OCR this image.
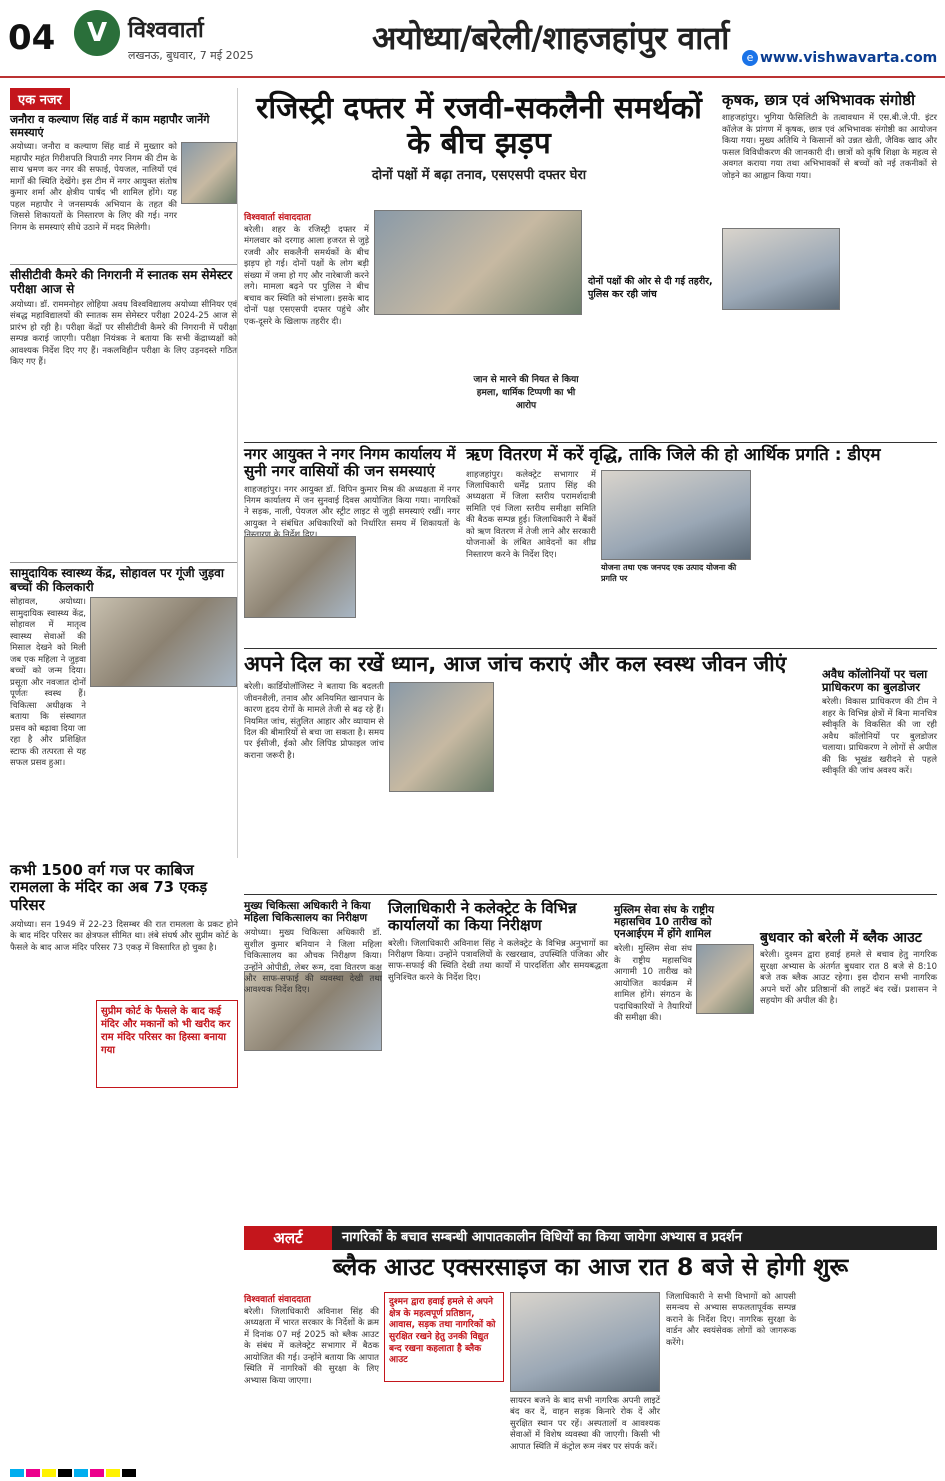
04	V विश्ववार्ता
लखनऊ, बुधवार, 7 मई 2025	अयोध्या/बरेली/शाहजहांपुर वार्ता
e www.vishwavarta.com
एक नजर
जनौरा व कल्याण सिंह वार्ड में काम महापौर जानेंगे समस्याएं
अयोध्या। जनौरा व कल्याण सिंह वार्ड में मुख्तार को महापौर महंत गिरीशपति त्रिपाठी नगर निगम की टीम के साथ भ्रमण कर नगर की सफाई, पेयजल, नालियों एवं मार्गों की स्थिति देखेंगे। इस टीम में नगर आयुक्त संतोष कुमार शर्मा और क्षेत्रीय पार्षद भी शामिल होंगे। यह पहल महापौर ने जनसम्पर्क अभियान के तहत की जिससे शिकायतों के निस्तारण के लिए की गई। नगर निगम के समस्याएं सीधे उठाने में मदद मिलेगी।
सीसीटीवी कैमरे की निगरानी में स्नातक सम सेमेस्टर परीक्षा आज से
अयोध्या। डॉ. राममनोहर लोहिया अवध विश्वविद्यालय अयोध्या सीनियर एवं संबद्ध महाविद्यालयों की स्नातक सम सेमेस्टर परीक्षा 2024-25 आज से प्रारंभ हो रही है। परीक्षा केंद्रों पर सीसीटीवी कैमरे की निगरानी में परीक्षा सम्पन्न कराई जाएगी। परीक्षा नियंत्रक ने बताया कि सभी केंद्राध्यक्षों को आवश्यक निर्देश दिए गए हैं। नकलविहीन परीक्षा के लिए उड़नदस्ते गठित किए गए हैं।
सामुदायिक स्वास्थ्य केंद्र, सोहावल पर गूंजी जुड़वा बच्चों की किलकारी
सोहावल, अयोध्या। सामुदायिक स्वास्थ्य केंद्र, सोहावल में मातृत्व स्वास्थ्य सेवाओं की मिसाल देखने को मिली जब एक महिला ने जुड़वा बच्चों को जन्म दिया। प्रसूता और नवजात दोनों पूर्णतः स्वस्थ हैं। चिकित्सा अधीक्षक ने बताया कि संस्थागत प्रसव को बढ़ावा दिया जा रहा है और प्रशिक्षित स्टाफ की तत्परता से यह सफल प्रसव हुआ।
रजिस्ट्री दफ्तर में रजवी-सकलैनी समर्थकों के बीच झड़प
दोनों पक्षों में बढ़ा तनाव, एसएसपी दफ्तर घेरा
विश्ववार्ता संवाददाता
बरेली। शहर के रजिस्ट्री दफ्तर में मंगलवार को दरगाह आला हजरत से जुड़े रजवी और सकलैनी समर्थकों के बीच झड़प हो गई। दोनों पक्षों के लोग बड़ी संख्या में जमा हो गए और नारेबाजी करने लगे। मामला बढ़ने पर पुलिस ने बीच बचाव कर स्थिति को संभाला। इसके बाद दोनों पक्ष एसएसपी दफ्तर पहुंचे और एक-दूसरे के खिलाफ तहरीर दी।
दोनों पक्षों की ओर से दी गई तहरीर, पुलिस कर रही जांच
जान से मारने की नियत से किया हमला, धार्मिक टिप्पणी का भी आरोप
कृषक, छात्र एवं अभिभावक संगोष्ठी
शाहजहांपुर। भुगिया फैसिलिटी के तत्वावधान में एस.बी.जे.पी. इंटर कॉलेज के प्रांगण में कृषक, छात्र एवं अभिभावक संगोष्ठी का आयोजन किया गया। मुख्य अतिथि ने किसानों को उन्नत खेती, जैविक खाद और फसल विविधीकरण की जानकारी दी। छात्रों को कृषि शिक्षा के महत्व से अवगत कराया गया तथा अभिभावकों से बच्चों को नई तकनीकों से जोड़ने का आह्वान किया गया।
नगर आयुक्त ने नगर निगम कार्यालय में सुनी नगर वासियों की जन समस्याएं
शाहजहांपुर। नगर आयुक्त डॉ. विपिन कुमार मिश्र की अध्यक्षता में नगर निगम कार्यालय में जन सुनवाई दिवस आयोजित किया गया। नागरिकों ने सड़क, नाली, पेयजल और स्ट्रीट लाइट से जुड़ी समस्याएं रखीं। नगर आयुक्त ने संबंधित अधिकारियों को निर्धारित समय में शिकायतों के
ऋण वितरण में करें वृद्धि, ताकि जिले की हो आर्थिक प्रगति : डीएम
शाहजहांपुर। कलेक्ट्रेट सभागार में जिलाधिकारी धर्मेंद्र प्रताप सिंह की अध्यक्षता में जिला स्तरीय परामर्शदात्री समिति एवं जिला स्तरीय समीक्षा समिति की बैठक सम्पन्न हुई। जिलाधिकारी ने बैंकों को ऋण वितरण में तेजी लाने और सरकारी योजनाओं के लंबित आवेदनों का शीघ्र निस्तारण करने के निर्देश दिए।
योजना तथा एक जनपद एक उत्पाद योजना की प्रगति पर
अपने दिल का रखें ध्यान, आज जांच कराएं और कल स्वस्थ जीवन जीएं
बरेली। कार्डियोलॉजिस्ट ने बताया कि बदलती जीवनशैली, तनाव और अनियमित खानपान के कारण हृदय रोगों के मामले तेजी से बढ़ रहे हैं। नियमित जांच, संतुलित आहार और व्यायाम से दिल की बीमारियों से बचा जा सकता है। समय पर ईसीजी, ईको और लिपिड प्रोफाइल जांच कराना जरूरी है।
अवैध कॉलोनियों पर चला प्राधिकरण का बुलडोजर
बरेली। विकास प्राधिकरण की टीम ने शहर के विभिन्न क्षेत्रों में बिना मानचित्र स्वीकृति के विकसित की जा रही अवैध कॉलोनियों पर बुलडोजर चलाया। प्राधिकरण ने लोगों से अपील की कि भूखंड खरीदने से पहले स्वीकृति की जांच अवश्य करें।
मुख्य चिकित्सा अधिकारी ने किया महिला चिकित्सालय का निरीक्षण
अयोध्या। मुख्य चिकित्सा अधिकारी डॉ. सुशील कुमार बनियान ने जिला महिला चिकित्सालय का औचक निरीक्षण किया। उन्होंने ओपीडी, लेबर रूम, दवा वितरण कक्ष और साफ-सफाई की व्यवस्था देखी तथा आवश्यक निर्देश दिए।
जिलाधिकारी ने कलेक्ट्रेट के विभिन्न कार्यालयों का किया निरीक्षण
बरेली। जिलाधिकारी अविनाश सिंह ने कलेक्ट्रेट के विभिन्न अनुभागों का निरीक्षण किया। उन्होंने पत्रावलियों के रखरखाव, उपस्थिति पंजिका और साफ-सफाई की स्थिति देखी तथा कार्यों में पारदर्शिता और समयबद्धता सुनिश्चित करने के निर्देश दिए।
मुस्लिम सेवा संघ के राष्ट्रीय महासचिव 10 तारीख को एनआईएम में होंगे शामिल
बरेली। मुस्लिम सेवा संघ के राष्ट्रीय महासचिव आगामी 10 तारीख को आयोजित कार्यक्रम में शामिल होंगे। संगठन के पदाधिकारियों ने तैयारियों की समीक्षा की।
बुधवार को बरेली में ब्लैक आउट
बरेली। दुश्मन द्वारा हवाई हमले से बचाव हेतु नागरिक सुरक्षा अभ्यास के अंतर्गत बुधवार रात 8 बजे से 8:10 बजे तक ब्लैक आउट रहेगा। इस दौरान सभी नागरिक अपने घरों और प्रतिष्ठानों की लाइटें बंद रखें। प्रशासन ने सहयोग की अपील की है।
कभी 1500 वर्ग गज पर काबिज रामलला के मंदिर का अब 73 एकड़ परिसर
अयोध्या। सन 1949 में 22-23 दिसम्बर की रात रामलला के प्रकट होने के बाद मंदिर परिसर का क्षेत्रफल सीमित था। लंबे संघर्ष और सुप्रीम कोर्ट के फैसले के बाद आज मंदिर परिसर 73 एकड़ में विस्तारित हो चुका है।
सुप्रीम कोर्ट के फैसले के बाद कई मंदिर और मकानों को भी खरीद कर राम मंदिर परिसर का हिस्सा बनाया गया
अलर्ट	नागरिकों के बचाव सम्बन्धी आपातकालीन विधियों का किया जायेगा अभ्यास व प्रदर्शन
ब्लैक आउट एक्सरसाइज का आज रात 8 बजे से होगी शुरू
विश्ववार्ता संवाददाता
बरेली। जिलाधिकारी अविनाश सिंह की अध्यक्षता में भारत सरकार के निर्देशों के क्रम में दिनांक 07 मई 2025 को ब्लैक आउट के संबंध में कलेक्ट्रेट सभागार में बैठक आयोजित की गई। उन्होंने बताया कि आपात स्थिति में नागरिकों की सुरक्षा के लिए अभ्यास किया जाएगा।
दुश्मन द्वारा हवाई हमले से अपने क्षेत्र के महत्वपूर्ण प्रतिष्ठान, आवास, सड़क तथा नागरिकों को सुरक्षित रखने हेतु उनकी विद्युत बन्द रखना कहलाता है ब्लैक आउट
सायरन बजने के बाद सभी नागरिक अपनी लाइटें बंद कर दें, वाहन सड़क किनारे रोक दें और सुरक्षित स्थान पर रहें। अस्पतालों व आवश्यक सेवाओं में विशेष व्यवस्था की जाएगी। किसी भी आपात स्थिति में कंट्रोल रूम नंबर पर संपर्क करें।
जिलाधिकारी ने सभी विभागों को आपसी समन्वय से अभ्यास सफलतापूर्वक सम्पन्न कराने के निर्देश दिए। नागरिक सुरक्षा के वार्डन और स्वयंसेवक लोगों को जागरूक करेंगे।
